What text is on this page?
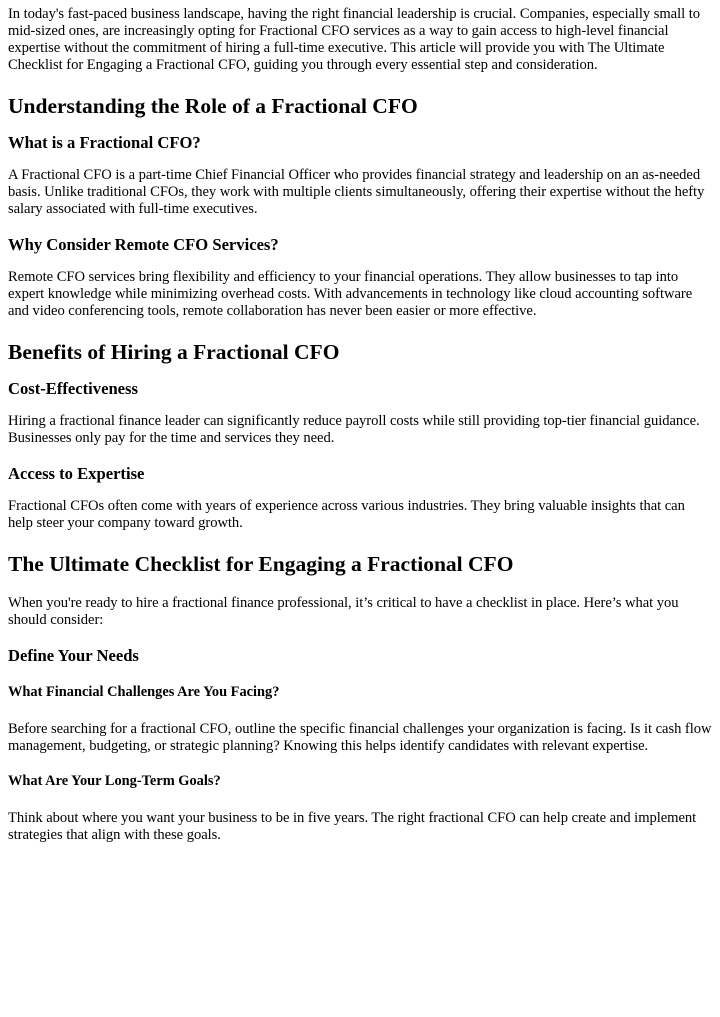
In today's fast-paced business landscape, having the right financial leadership is crucial. Companies, especially small to mid-sized ones, are increasingly opting for Fractional CFO services as a way to gain access to high-level financial expertise without the commitment of hiring a full-time executive. This article will provide you with The Ultimate Checklist for Engaging a Fractional CFO, guiding you through every essential step and consideration.

Understanding the Role of a Fractional CFO
What is a Fractional CFO?

A Fractional CFO is a part-time Chief Financial Officer who provides financial strategy and leadership on an as-needed basis. Unlike traditional CFOs, they work with multiple clients simultaneously, offering their expertise without the hefty salary associated with full-time executives.

Why Consider Remote CFO Services?

Remote CFO services bring flexibility and efficiency to your financial operations. They allow businesses to tap into expert knowledge while minimizing overhead costs. With advancements in technology like cloud accounting software and video conferencing tools, remote collaboration has never been easier or more effective.

Benefits of Hiring a Fractional CFO
Cost-Effectiveness

Hiring a fractional finance leader can significantly reduce payroll costs while still providing top-tier financial guidance. Businesses only pay for the time and services they need.

Access to Expertise

Fractional CFOs often come with years of experience across various industries. They bring valuable insights that can help steer your company toward growth.

The Ultimate Checklist for Engaging a Fractional CFO

When you're ready to hire a fractional finance professional, it’s critical to have a checklist in place. Here’s what you should consider:

Define Your Needs
What Financial Challenges Are You Facing?

Before searching for a fractional CFO, outline the specific financial challenges your organization is facing. Is it cash flow management, budgeting, or strategic planning? Knowing this helps identify candidates with relevant expertise.

What Are Your Long-Term Goals?

Think about where you want your business to be in five years. The right fractional CFO can help create and implement strategies that align with these goals.
